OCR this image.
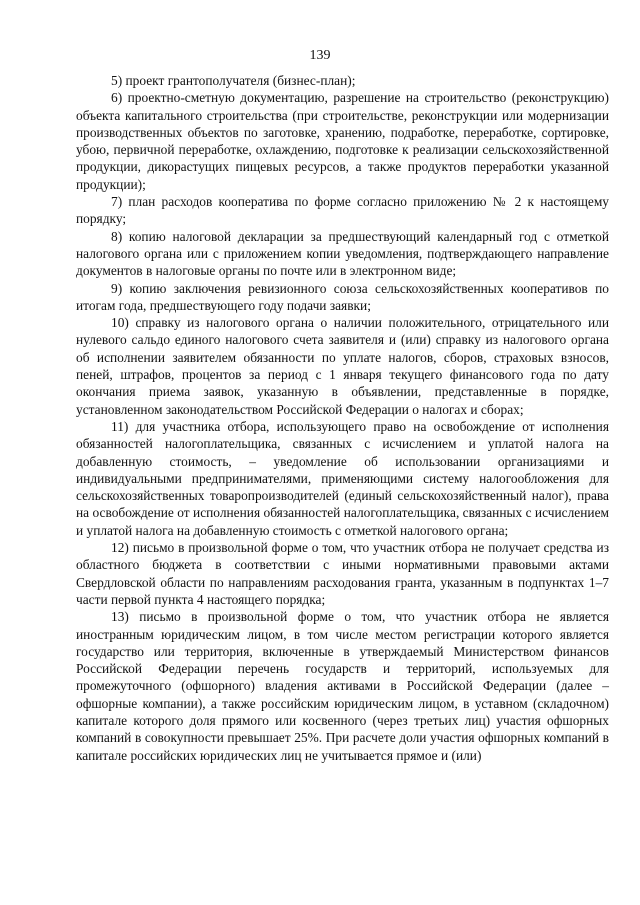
139

5) проект грантополучателя (бизнес-план);

6) проектно-сметную документацию, разрешение на строительство (реконструкцию) объекта капитального строительства (при строительстве, реконструкции или модернизации производственных объектов по заготовке, хранению, подработке, переработке, сортировке, убою, первичной переработке, охлаждению, подготовке к реализации сельскохозяйственной продукции, дикорастущих пищевых ресурсов, а также продуктов переработки указанной продукции);

7) план расходов кооператива по форме согласно приложению № 2 к настоящему порядку;

8) копию налоговой декларации за предшествующий календарный год с отметкой налогового органа или с приложением копии уведомления, подтверждающего направление документов в налоговые органы по почте или в электронном виде;

9) копию заключения ревизионного союза сельскохозяйственных кооперативов по итогам года, предшествующего году подачи заявки;

10) справку из налогового органа о наличии положительного, отрицательного или нулевого сальдо единого налогового счета заявителя и (или) справку из налогового органа об исполнении заявителем обязанности по уплате налогов, сборов, страховых взносов, пеней, штрафов, процентов за период с 1 января текущего финансового года по дату окончания приема заявок, указанную в объявлении, представленные в порядке, установленном законодательством Российской Федерации о налогах и сборах;

11) для участника отбора, использующего право на освобождение от исполнения обязанностей налогоплательщика, связанных с исчислением и уплатой налога на добавленную стоимость, – уведомление об использовании организациями и индивидуальными предпринимателями, применяющими систему налогообложения для сельскохозяйственных товаропроизводителей (единый сельскохозяйственный налог), права на освобождение от исполнения обязанностей налогоплательщика, связанных с исчислением и уплатой налога на добавленную стоимость с отметкой налогового органа;

12) письмо в произвольной форме о том, что участник отбора не получает средства из областного бюджета в соответствии с иными нормативными правовыми актами Свердловской области по направлениям расходования гранта, указанным в подпунктах 1–7 части первой пункта 4 настоящего порядка;

13) письмо в произвольной форме о том, что участник отбора не является иностранным юридическим лицом, в том числе местом регистрации которого является государство или территория, включенные в утверждаемый Министерством финансов Российской Федерации перечень государств и территорий, используемых для промежуточного (офшорного) владения активами в Российской Федерации (далее – офшорные компании), а также российским юридическим лицом, в уставном (складочном) капитале которого доля прямого или косвенного (через третьих лиц) участия офшорных компаний в совокупности превышает 25%. При расчете доли участия офшорных компаний в капитале российских юридических лиц не учитывается прямое и (или)
